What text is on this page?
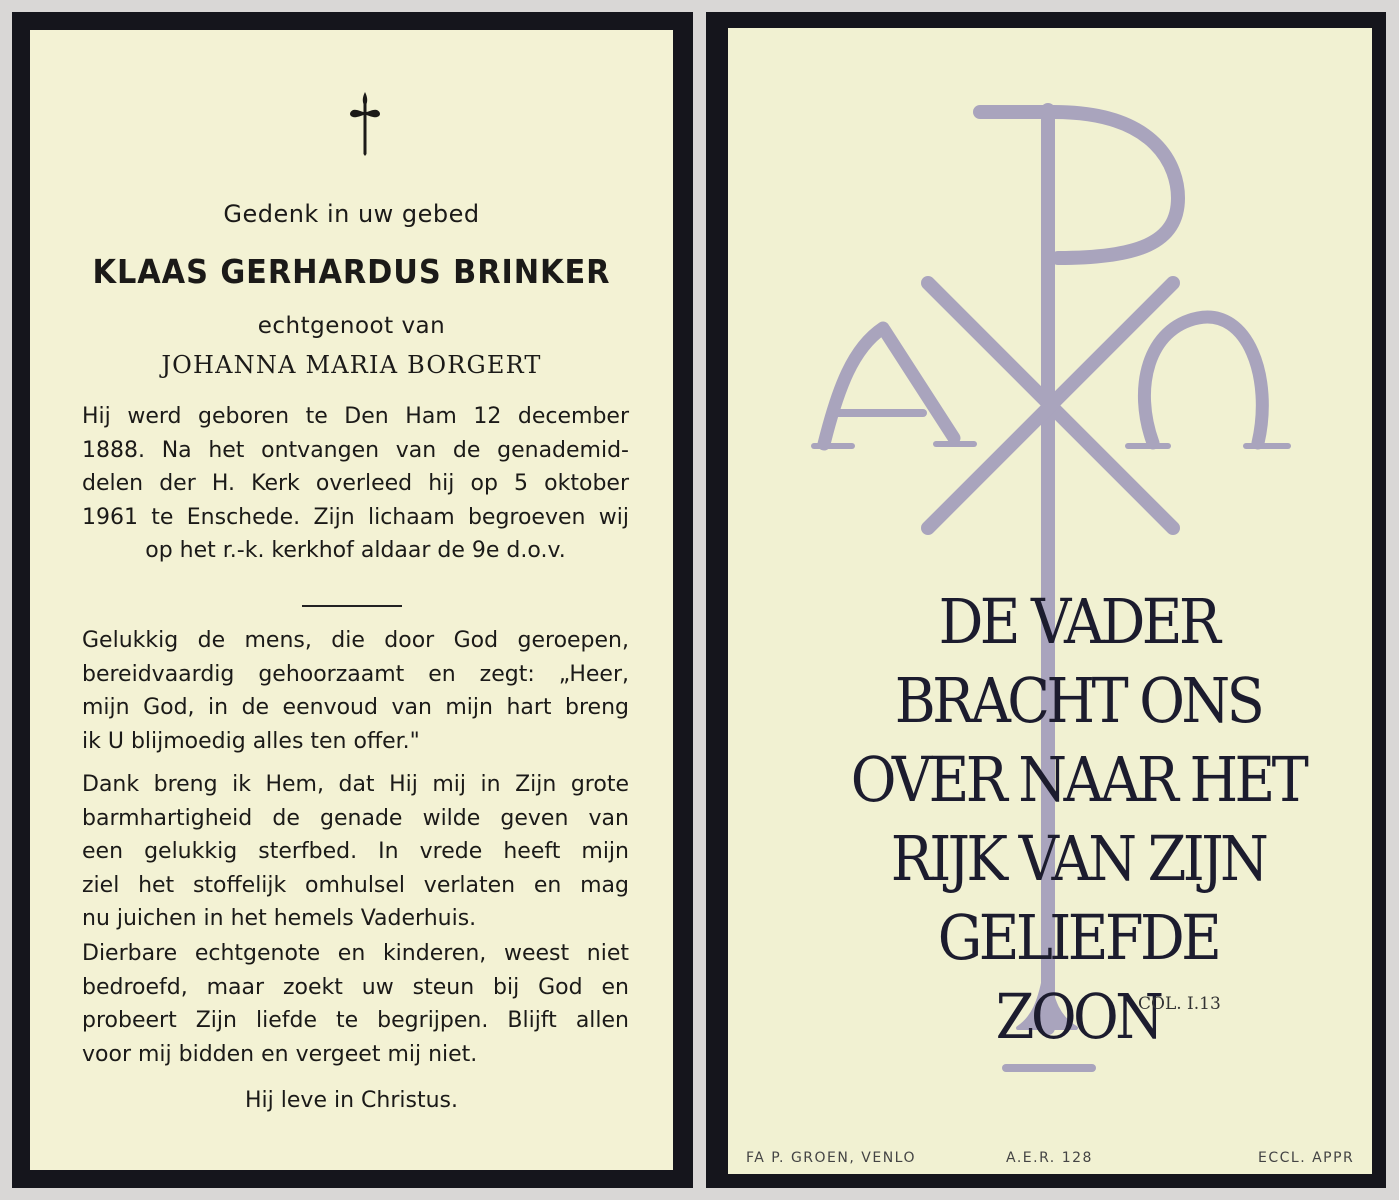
Gedenk in uw gebed
KLAAS GERHARDUS BRINKER
echtgenoot van
JOHANNA MARIA BORGERT
Hij werd geboren te Den Ham 12 december
1888. Na het ontvangen van de genademid-
delen der H. Kerk overleed hij op 5 oktober
1961 te Enschede. Zijn lichaam begroeven wij
op het r.-k. kerkhof aldaar de 9e d.o.v.
Gelukkig de mens, die door God geroepen,
bereidvaardig gehoorzaamt en zegt: „Heer,
mijn God, in de eenvoud van mijn hart breng
ik U blijmoedig alles ten offer."
Dank breng ik Hem, dat Hij mij in Zijn grote
barmhartigheid de genade wilde geven van
een gelukkig sterfbed. In vrede heeft mijn
ziel het stoffelijk omhulsel verlaten en mag
nu juichen in het hemels Vaderhuis.
Dierbare echtgenote en kinderen, weest niet
bedroefd, maar zoekt uw steun bij God en
probeert Zijn liefde te begrijpen. Blijft allen
voor mij bidden en vergeet mij niet.
Hij leve in Christus.
DE VADER
BRACHT ONS
OVER NAAR HET
RIJK VAN ZIJN
GELIEFDE
ZOON
COL. I.13
FA P. GROEN, VENLO	A.E.R. 128	ECCL. APPR
